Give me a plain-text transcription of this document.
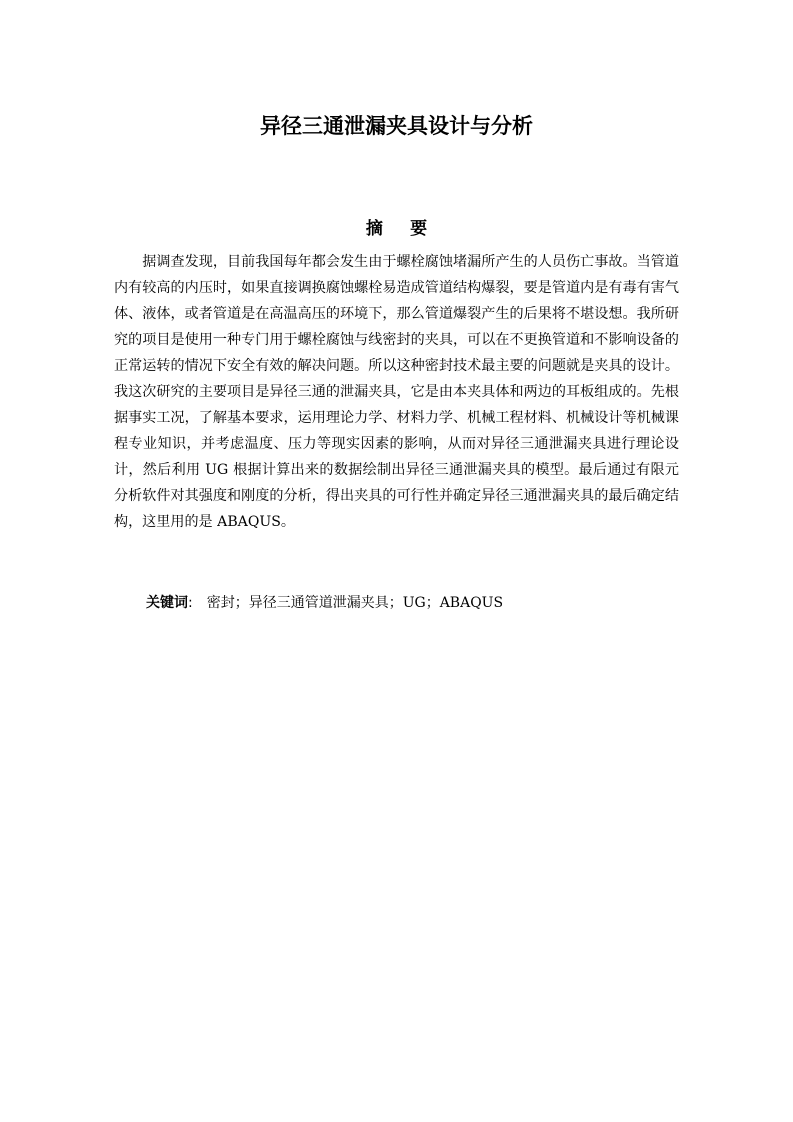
异径三通泄漏夹具设计与分析
摘要

据调查发现，目前我国每年都会发生由于螺栓腐蚀堵漏所产生的人员伤亡事故。当管道内有较高的内压时，如果直接调换腐蚀螺栓易造成管道结构爆裂，要是管道内是有毒有害气体、液体，或者管道是在高温高压的环境下，那么管道爆裂产生的后果将不堪设想。我所研究的项目是使用一种专门用于螺栓腐蚀与线密封的夹具，可以在不更换管道和不影响设备的正常运转的情况下安全有效的解决问题。所以这种密封技术最主要的问题就是夹具的设计。我这次研究的主要项目是异径三通的泄漏夹具，它是由本夹具体和两边的耳板组成的。先根据事实工况，了解基本要求，运用理论力学、材料力学、机械工程材料、机械设计等机械课程专业知识，并考虑温度、压力等现实因素的影响，从而对异径三通泄漏夹具进行理论设计，然后利用 UG 根据计算出来的数据绘制出异径三通泄漏夹具的模型。最后通过有限元分析软件对其强度和刚度的分析，得出夹具的可行性并确定异径三通泄漏夹具的最后确定结构，这里用的是 ABAQUS。

关键词: 密封；异径三通管道泄漏夹具；UG；ABAQUS
